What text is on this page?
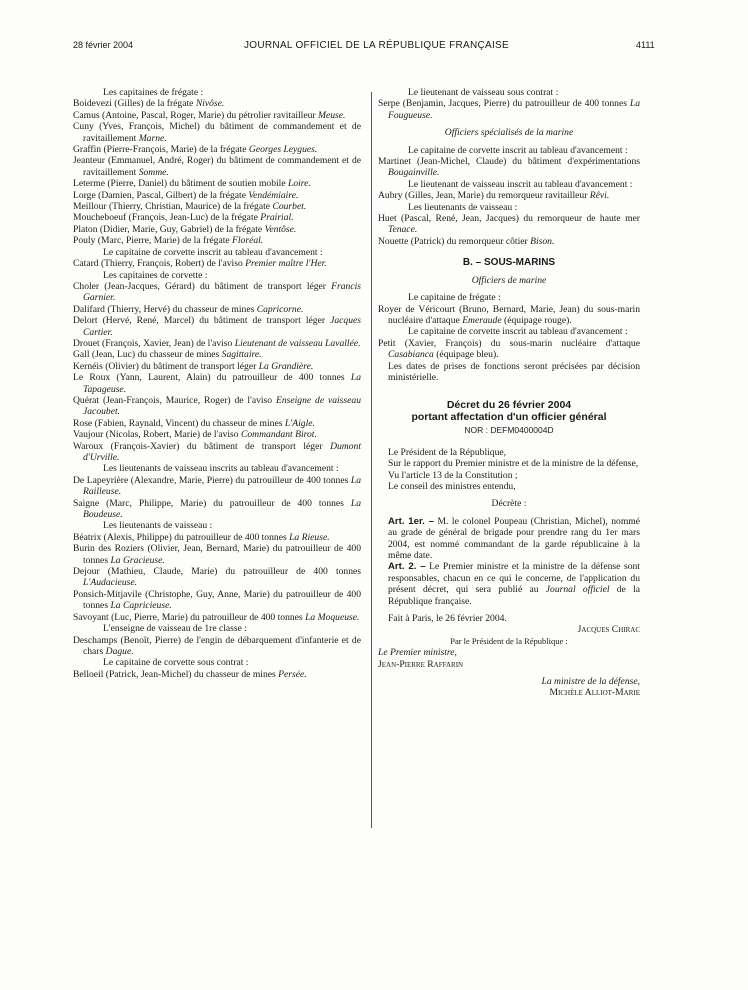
28 février 2004	JOURNAL OFFICIEL DE LA RÉPUBLIQUE FRANÇAISE	4111

Les capitaines de frégate :

Boidevezi (Gilles) de la frégate Nivôse.

Camus (Antoine, Pascal, Roger, Marie) du pétrolier ravitailleur Meuse.

Cuny (Yves, François, Michel) du bâtiment de commandement et de ravitaillement Marne.

Graffin (Pierre-François, Marie) de la frégate Georges Leygues.

Jeanteur (Emmanuel, André, Roger) du bâtiment de commandement et de ravitaillement Somme.

Leterme (Pierre, Daniel) du bâtiment de soutien mobile Loire.

Lorge (Damien, Pascal, Gilbert) de la frégate Vendémiaire.

Meillour (Thierry, Christian, Maurice) de la frégate Courbet.

Moucheboeuf (François, Jean-Luc) de la frégate Prairial.

Platon (Didier, Marie, Guy, Gabriel) de la frégate Ventôse.

Pouly (Marc, Pierre, Marie) de la frégate Floréal.

Le capitaine de corvette inscrit au tableau d'avancement :

Catard (Thierry, François, Robert) de l'aviso Premier maître l'Her.

Les capitaines de corvette :

Choler (Jean-Jacques, Gérard) du bâtiment de transport léger Francis Garnier.

Dalifard (Thierry, Hervé) du chasseur de mines Capricorne.

Delort (Hervé, René, Marcel) du bâtiment de transport léger Jacques Cartier.

Drouet (François, Xavier, Jean) de l'aviso Lieutenant de vaisseau Lavallée.

Gall (Jean, Luc) du chasseur de mines Sagittaire.

Kernéis (Olivier) du bâtiment de transport léger La Grandière.

Le Roux (Yann, Laurent, Alain) du patrouilleur de 400 tonnes La Tapageuse.

Quérat (Jean-François, Maurice, Roger) de l'aviso Enseigne de vaisseau Jacoubet.

Rose (Fabien, Raynald, Vincent) du chasseur de mines L'Aigle.

Vaujour (Nicolas, Robert, Marie) de l'aviso Commandant Birot.

Waroux (François-Xavier) du bâtiment de transport léger Dumont d'Urville.

Les lieutenants de vaisseau inscrits au tableau d'avancement :

De Lapeyrière (Alexandre, Marie, Pierre) du patrouilleur de 400 tonnes La Railleuse.

Saigne (Marc, Philippe, Marie) du patrouilleur de 400 tonnes La Boudeuse.

Les lieutenants de vaisseau :

Béatrix (Alexis, Philippe) du patrouilleur de 400 tonnes La Rieuse.

Burin des Roziers (Olivier, Jean, Bernard, Marie) du patrouilleur de 400 tonnes La Gracieuse.

Dejour (Mathieu, Claude, Marie) du patrouilleur de 400 tonnes L'Audacieuse.

Ponsich-Mitjavile (Christophe, Guy, Anne, Marie) du patrouilleur de 400 tonnes La Capricieuse.

Savoyant (Luc, Pierre, Marie) du patrouilleur de 400 tonnes La Moqueuse.

L'enseigne de vaisseau de 1re classe :

Deschamps (Benoît, Pierre) de l'engin de débarquement d'infanterie et de chars Dague.

Le capitaine de corvette sous contrat :

Belloeil (Patrick, Jean-Michel) du chasseur de mines Persée.

Le lieutenant de vaisseau sous contrat :

Serpe (Benjamin, Jacques, Pierre) du patrouilleur de 400 tonnes La Fougueuse.

Officiers spécialisés de la marine

Le capitaine de corvette inscrit au tableau d'avancement :

Martinet (Jean-Michel, Claude) du bâtiment d'expérimentations Bougainville.

Le lieutenant de vaisseau inscrit au tableau d'avancement :

Aubry (Gilles, Jean, Marie) du remorqueur ravitailleur Rêvi.

Les lieutenants de vaisseau :

Huet (Pascal, René, Jean, Jacques) du remorqueur de haute mer Tenace.

Nouette (Patrick) du remorqueur côtier Bison.

B. – SOUS-MARINS

Officiers de marine

Le capitaine de frégate :

Royer de Véricourt (Bruno, Bernard, Marie, Jean) du sous-marin nucléaire d'attaque Emeraude (équipage rouge).

Le capitaine de corvette inscrit au tableau d'avancement :

Petit (Xavier, François) du sous-marin nucléaire d'attaque Casabianca (équipage bleu).

Les dates de prises de fonctions seront précisées par décision ministérielle.

Décret du 26 février 2004

portant affectation d'un officier général

NOR : DEFM0400004D

Le Président de la République,

Sur le rapport du Premier ministre et de la ministre de la défense,

Vu l'article 13 de la Constitution ;

Le conseil des ministres entendu,

Décrète :

Art. 1er. – M. le colonel Poupeau (Christian, Michel), nommé au grade de général de brigade pour prendre rang du 1er mars 2004, est nommé commandant de la garde républicaine à la même date.

Art. 2. – Le Premier ministre et la ministre de la défense sont responsables, chacun en ce qui le concerne, de l'application du présent décret, qui sera publié au Journal officiel de la République française.

Fait à Paris, le 26 février 2004.

Jacques Chirac

Par le Président de la République :

Le Premier ministre,

Jean-Pierre Raffarin

La ministre de la défense,

Michèle Alliot-Marie
